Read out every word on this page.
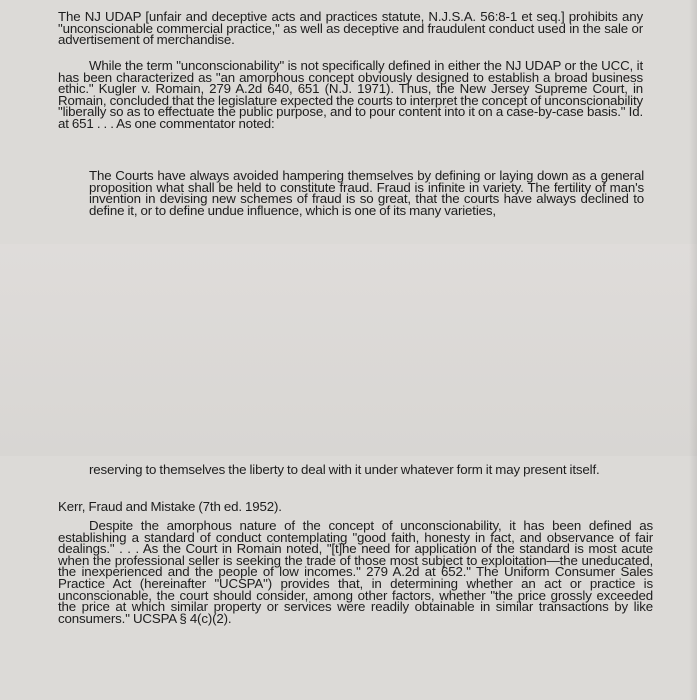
The NJ UDAP [unfair and deceptive acts and practices statute, N.J.S.A. 56:8-1 et seq.] prohibits any "unconscionable commercial practice," as well as deceptive and fraudulent conduct used in the sale or advertisement of merchandise.

While the term "unconscionability" is not specifically defined in either the NJ UDAP or the UCC, it has been characterized as "an amorphous concept obviously designed to establish a broad business ethic." Kugler v. Romain, 279 A.2d 640, 651 (N.J. 1971). Thus, the New Jersey Supreme Court, in Romain, concluded that the legislature expected the courts to interpret the concept of unconscionability "liberally so as to effectuate the public purpose, and to pour content into it on a case-by-case basis." Id. at 651 . . . As one commentator noted:

The Courts have always avoided hampering themselves by defining or laying down as a general proposition what shall be held to constitute fraud. Fraud is infinite in variety. The fertility of man's invention in devising new schemes of fraud is so great, that the courts have always declined to define it, or to define undue influence, which is one of its many varieties,

reserving to themselves the liberty to deal with it under whatever form it may present itself.

Kerr, Fraud and Mistake (7th ed. 1952).

Despite the amorphous nature of the concept of unconscionability, it has been defined as establishing a standard of conduct contemplating "good faith, honesty in fact, and observance of fair dealings." . . . As the Court in Romain noted, "[t]he need for application of the standard is most acute when the professional seller is seeking the trade of those most subject to exploitation—the uneducated, the inexperienced and the people of low incomes." 279 A.2d at 652." The Uniform Consumer Sales Practice Act (hereinafter "UCSPA") provides that, in determining whether an act or practice is unconscionable, the court should consider, among other factors, whether "the price grossly exceeded the price at which similar property or services were readily obtainable in similar transactions by like consumers." UCSPA § 4(c)(2).
